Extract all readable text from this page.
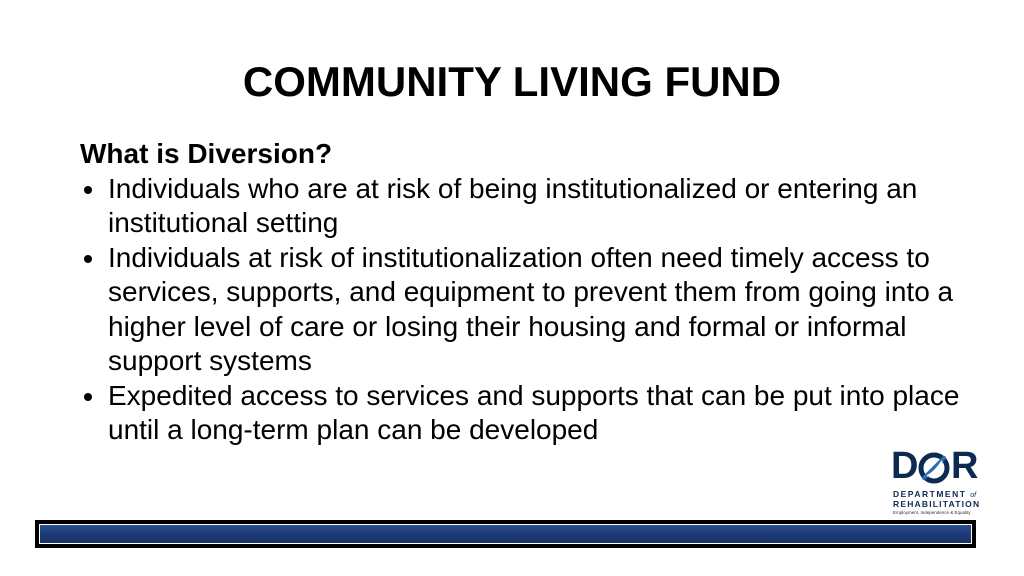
COMMUNITY LIVING FUND

What is Diversion?

Individuals who are at risk of being institutionalized or entering an institutional setting
Individuals at risk of institutionalization often need timely access to services, supports, and equipment to prevent them from going into a higher level of care or losing their housing and formal or informal support systems
Expedited access to services and supports that can be put into place until a long-term plan can be developed
D R
DEPARTMENT of
REHABILITATION
Employment, Independence & Equality
